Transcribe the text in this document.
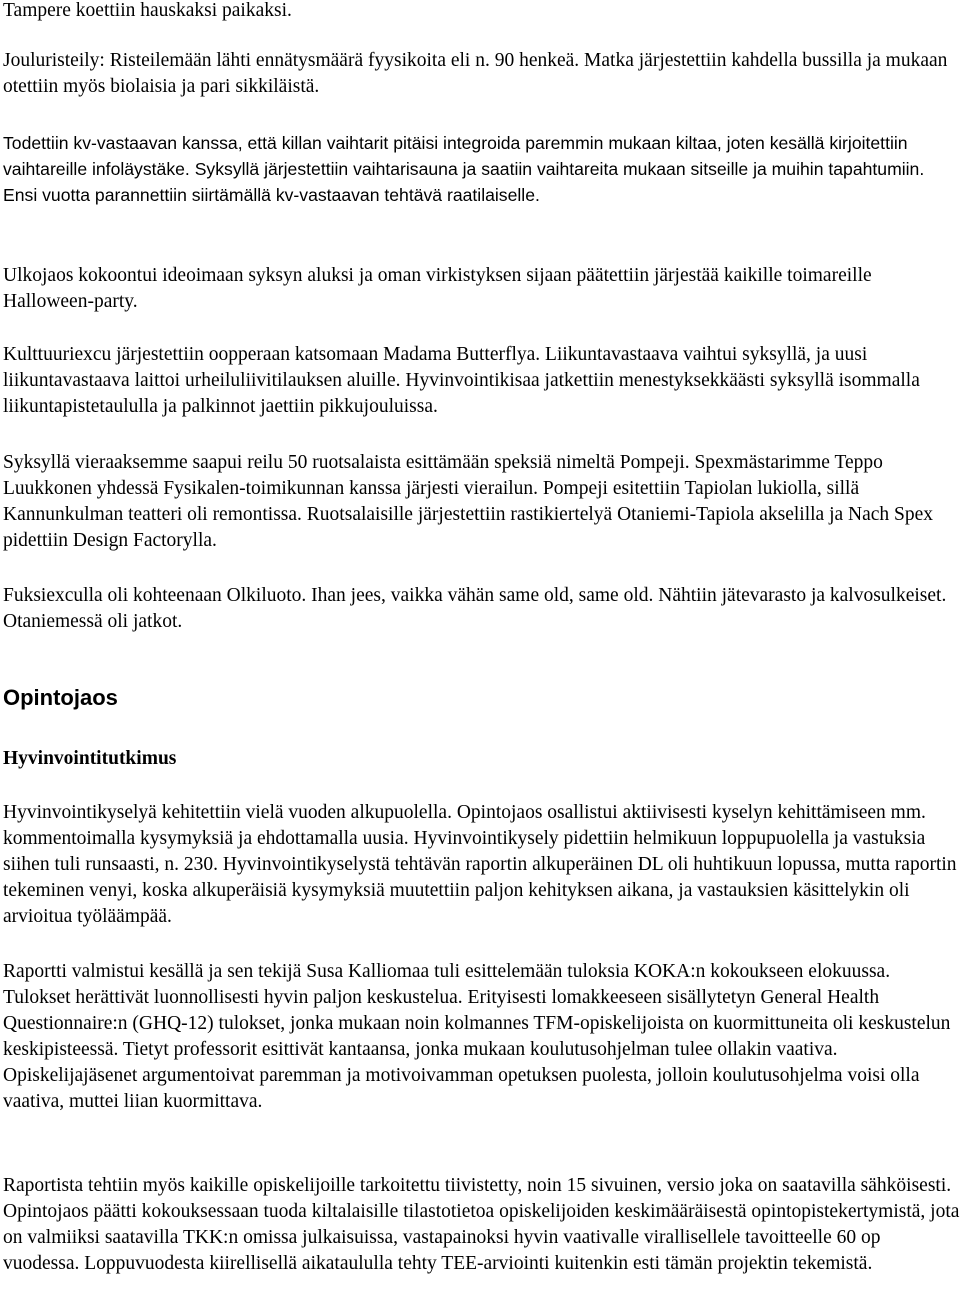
Tampere koettiin hauskaksi paikaksi.

Jouluristeily: Risteilemään lähti ennätysmäärä fyysikoita eli n. 90 henkeä. Matka järjestettiin kahdella bussilla ja mukaan otettiin myös biolaisia ja pari sikkiläistä.

Todettiin kv-vastaavan kanssa, että killan vaihtarit pitäisi integroida paremmin mukaan kiltaa, joten kesällä kirjoitettiin vaihtareille infoläystäke. Syksyllä järjestettiin vaihtarisauna ja saatiin vaihtareita mukaan sitseille ja muihin tapahtumiin. Ensi vuotta parannettiin siirtämällä kv-vastaavan tehtävä raatilaiselle.

Ulkojaos kokoontui ideoimaan syksyn aluksi ja oman virkistyksen sijaan päätettiin järjestää kaikille toimareille Halloween-party.

Kulttuuriexcu järjestettiin oopperaan katsomaan Madama Butterflya. Liikuntavastaava vaihtui syksyllä, ja uusi liikuntavastaava laittoi urheiluliivitilauksen aluille. Hyvinvointikisaa jatkettiin menestyksekkäästi syksyllä isommalla liikuntapistetaululla ja palkinnot jaettiin pikkujouluissa.

Syksyllä vieraaksemme saapui reilu 50 ruotsalaista esittämään speksiä nimeltä Pompeji. Spexmästarimme Teppo Luukkonen yhdessä Fysikalen-toimikunnan kanssa järjesti vierailun. Pompeji esitettiin Tapiolan lukiolla, sillä Kannunkulman teatteri oli remontissa. Ruotsalaisille järjestettiin rastikiertelyä Otaniemi-Tapiola akselilla ja Nach Spex pidettiin Design Factorylla.

Fuksiexculla oli kohteenaan Olkiluoto. Ihan jees, vaikka vähän same old, same old. Nähtiin jätevarasto ja kalvosulkeiset. Otaniemessä oli jatkot.

Opintojaos
Hyvinvointitutkimus

Hyvinvointikyselyä kehitettiin vielä vuoden alkupuolella. Opintojaos osallistui aktiivisesti kyselyn kehittämiseen mm. kommentoimalla kysymyksiä ja ehdottamalla uusia. Hyvinvointikysely pidettiin helmikuun loppupuolella ja vastuksia siihen tuli runsaasti, n. 230. Hyvinvointikyselystä tehtävän raportin alkuperäinen DL oli huhtikuun lopussa, mutta raportin tekeminen venyi, koska alkuperäisiä kysymyksiä muutettiin paljon kehityksen aikana, ja vastauksien käsittelykin oli arvioitua työläämpää.

Raportti valmistui kesällä ja sen tekijä Susa Kalliomaa tuli esittelemään tuloksia KOKA:n kokoukseen elokuussa. Tulokset herättivät luonnollisesti hyvin paljon keskustelua. Erityisesti lomakkeeseen sisällytetyn General Health Questionnaire:n (GHQ-12) tulokset, jonka mukaan noin kolmannes TFM-opiskelijoista on kuormittuneita oli keskustelun keskipisteessä. Tietyt professorit esittivät kantaansa, jonka mukaan koulutusohjelman tulee ollakin vaativa. Opiskelijajäsenet argumentoivat paremman ja motivoivamman opetuksen puolesta, jolloin koulutusohjelma voisi olla vaativa, muttei liian kuormittava.

Raportista tehtiin myös kaikille opiskelijoille tarkoitettu tiivistetty, noin 15 sivuinen, versio joka on saatavilla sähköisesti. Opintojaos päätti kokouksessaan tuoda kiltalaisille tilastotietoa opiskelijoiden keskimääräisestä opintopistekertymistä, jota on valmiiksi saatavilla TKK:n omissa julkaisuissa, vastapainoksi hyvin vaativalle virallisellele tavoitteelle 60 op vuodessa. Loppuvuodesta kiirellisellä aikataululla tehty TEE-arviointi kuitenkin esti tämän projektin tekemistä.
